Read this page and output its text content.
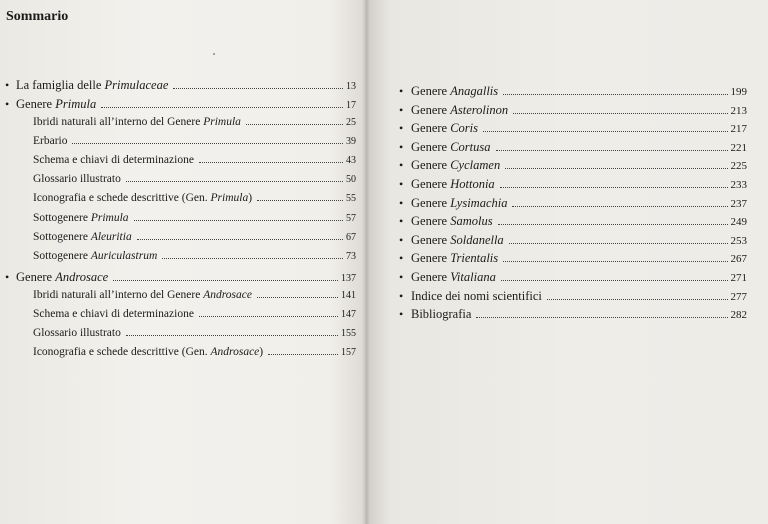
Sommario
• La famiglia delle Primulaceae	13
• Genere Primula	17
Ibridi naturali all’interno del Genere Primula	25
Erbario	39
Schema e chiavi di determinazione	43
Glossario illustrato	50
Iconografia e schede descrittive (Gen. Primula)	55
Sottogenere Primula	57
Sottogenere Aleuritia	67
Sottogenere Auriculastrum	73
• Genere Androsace	137
Ibridi naturali all’interno del Genere Androsace	141
Schema e chiavi di determinazione	147
Glossario illustrato	155
Iconografia e schede descrittive (Gen. Androsace)	157
• Genere Anagallis	199
• Genere Asterolinon	213
• Genere Coris	217
• Genere Cortusa	221
• Genere Cyclamen	225
• Genere Hottonia	233
• Genere Lysimachia	237
• Genere Samolus	249
• Genere Soldanella	253
• Genere Trientalis	267
• Genere Vitaliana	271
• Indice dei nomi scientifici	277
• Bibliografia	282
